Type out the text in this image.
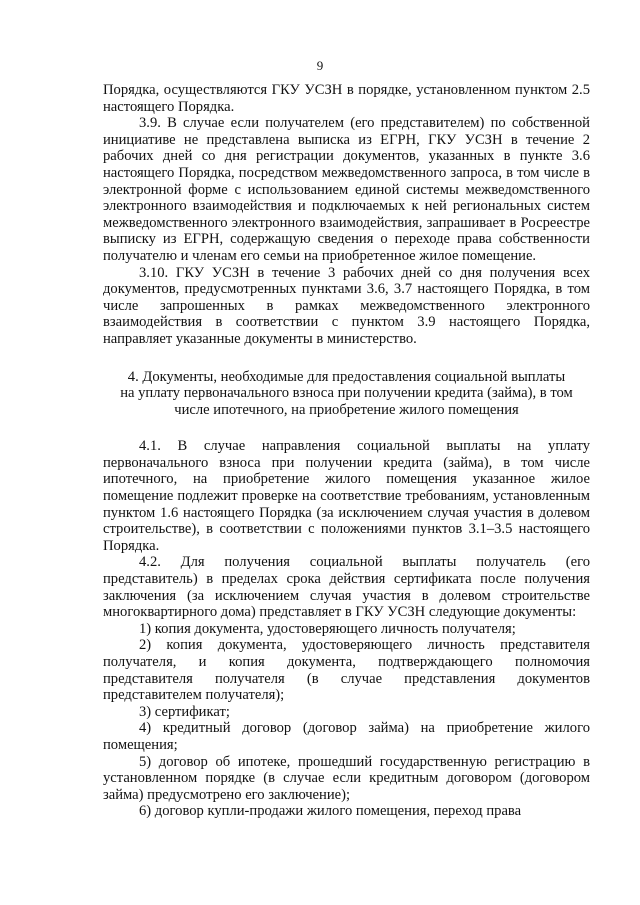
9

Порядка, осуществляются ГКУ УСЗН в порядке, установленном пунктом 2.5 настоящего Порядка.

3.9. В случае если получателем (его представителем) по собственной инициативе не представлена выписка из ЕГРН, ГКУ УСЗН в течение 2 рабочих дней со дня регистрации документов, указанных в пункте 3.6 настоящего Порядка, посредством межведомственного запроса, в том числе в электронной форме с использованием единой системы межведомственного электронного взаимодействия и подключаемых к ней региональных систем межведомственного электронного взаимодействия, запрашивает в Росреестре выписку из ЕГРН, содержащую сведения о переходе права собственности получателю и членам его семьи на приобретенное жилое помещение.

3.10. ГКУ УСЗН в течение 3 рабочих дней со дня получения всех документов, предусмотренных пунктами 3.6, 3.7 настоящего Порядка, в том числе запрошенных в рамках межведомственного электронного взаимодействия в соответствии с пунктом 3.9 настоящего Порядка, направляет указанные документы в министерство.

4. Документы, необходимые для предоставления социальной выплаты
на уплату первоначального взноса при получении кредита (займа), в том
числе ипотечного, на приобретение жилого помещения

4.1. В случае направления социальной выплаты на уплату первоначального взноса при получении кредита (займа), в том числе ипотечного, на приобретение жилого помещения указанное жилое помещение подлежит проверке на соответствие требованиям, установленным пунктом 1.6 настоящего Порядка (за исключением случая участия в долевом строительстве), в соответствии с положениями пунктов 3.1–3.5 настоящего Порядка.

4.2. Для получения социальной выплаты получатель (его представитель) в пределах срока действия сертификата после получения заключения (за исключением случая участия в долевом строительстве многоквартирного дома) представляет в ГКУ УСЗН следующие документы:

1) копия документа, удостоверяющего личность получателя;

2) копия документа, удостоверяющего личность представителя получателя, и копия документа, подтверждающего полномочия представителя получателя (в случае представления документов представителем получателя);

3) сертификат;

4) кредитный договор (договор займа) на приобретение жилого помещения;

5) договор об ипотеке, прошедший государственную регистрацию в установленном порядке (в случае если кредитным договором (договором займа) предусмотрено его заключение);

6) договор купли-продажи жилого помещения, переход права
